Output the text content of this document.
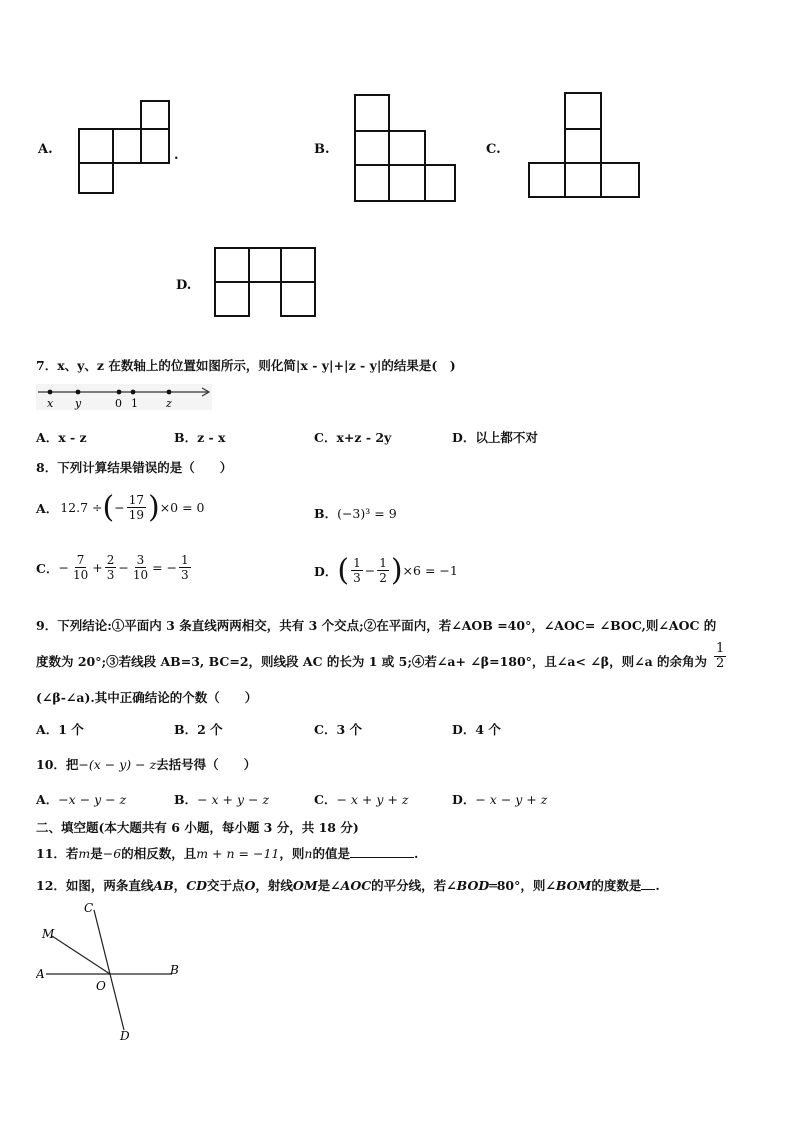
A.	.	B.	C.
D.
7．x、y、z 在数轴上的位置如图所示，则化简|x - y|+|z - y|的结果是(　)
x y	0 1	z
A．x - z	B．z - x	C．x+z - 2y	D．以上都不对
8．下列计算结果错误的是（　　）
A． 12.7 ÷ ( − $\frac{17}{19}$ ) ×0 = 0	B． (−3)³ = 9
C． − $\frac{7}{10} + \frac{2}{3} - \frac{3}{10}$ = − $\frac{1}{3}$	D． ( $\frac{1}{3} - \frac{1}{2}$ ) ×6 = −1
9．下列结论:①平面内 3 条直线两两相交，共有 3 个交点;②在平面内，若∠AOB =40°，∠AOC= ∠BOC,则∠AOC 的
度数为 20°;③若线段 AB=3, BC=2，则线段 AC 的长为 1 或 5;④若∠a+ ∠β=180°，且∠a< ∠β，则∠a 的余角为 $\frac{1}{2}$
(∠β-∠a).其中正确结论的个数（　　）
A．1 个	B．2 个	C．3 个	D．4 个
10．把−(x − y) − z去括号得（　　）
A．−x − y − z	B．− x + y − z	C．− x + y + z	D．− x − y + z
二、填空题(本大题共有 6 小题，每小题 3 分，共 18 分)
11．若m是−6的相反数，且m + n = −11，则n的值是	.
12．如图，两条直线AB，CD交于点O，射线OM是∠AOC的平分线，若∠BOD═80°，则∠BOM的度数是 .
C
M
A	B
O
D
